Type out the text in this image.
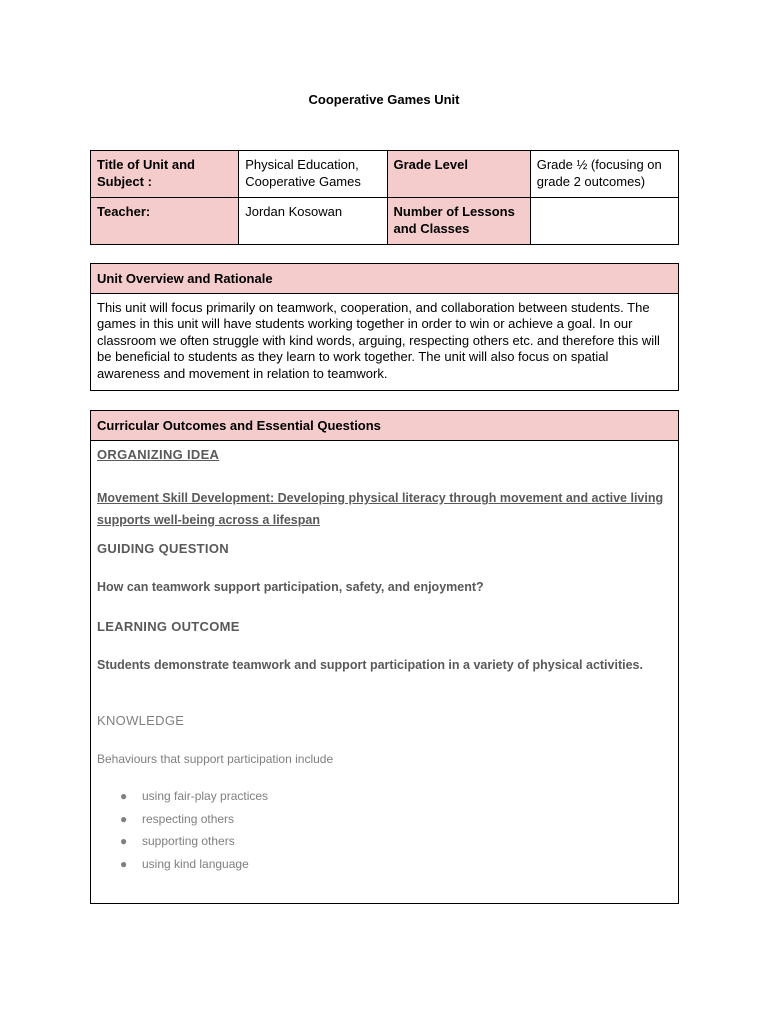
Cooperative Games Unit
Title of Unit and Subject :	Physical Education, Cooperative Games	Grade Level	Grade ½ (focusing on grade 2 outcomes)
Teacher:	Jordan Kosowan	Number of Lessons and Classes	
Unit Overview and Rationale
This unit will focus primarily on teamwork, cooperation, and collaboration between students. The games in this unit will have students working together in order to win or achieve a goal. In our classroom we often struggle with kind words, arguing, respecting others etc. and therefore this will be beneficial to students as they learn to work together. The unit will also focus on spatial awareness and movement in relation to teamwork.
Curricular Outcomes and Essential Questions
ORGANIZING IDEA
Movement Skill Development: Developing physical literacy through movement and active living supports well-being across a lifespan
GUIDING QUESTION
How can teamwork support participation, safety, and enjoyment?
LEARNING OUTCOME
Students demonstrate teamwork and support participation in a variety of physical activities.
KNOWLEDGE
Behaviours that support participation include
● using fair-play practices
● respecting others
● supporting others
● using kind language
